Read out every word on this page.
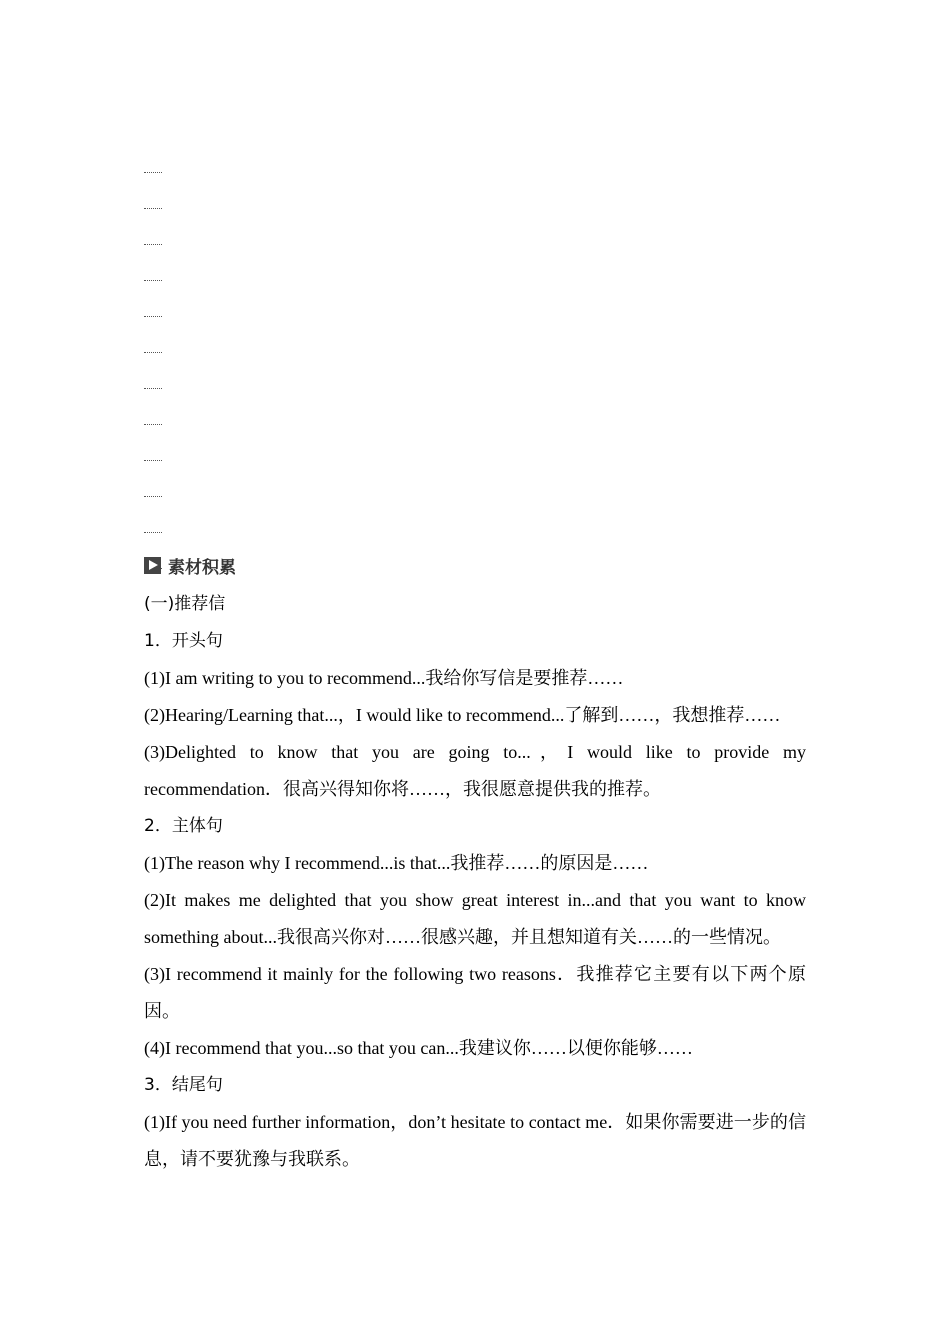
素材积累

(一)推荐信

1．开头句

(1)I am writing to you to recommend...我给你写信是要推荐……

(2)Hearing/Learning that...，I would like to recommend...了解到……，我想推荐……

(3)Delighted to know that you are going to...，I would like to provide my recommendation．很高兴得知你将……，我很愿意提供我的推荐。

2．主体句

(1)The reason why I recommend...is that...我推荐……的原因是……

(2)It makes me delighted that you show great interest in...and that you want to know something about...我很高兴你对……很感兴趣，并且想知道有关……的一些情况。

(3)I recommend it mainly for the following two reasons．我推荐它主要有以下两个原因。

(4)I recommend that you...so that you can...我建议你……以便你能够……

3．结尾句

(1)If you need further information，don’t hesitate to contact me．如果你需要进一步的信息，请不要犹豫与我联系。
